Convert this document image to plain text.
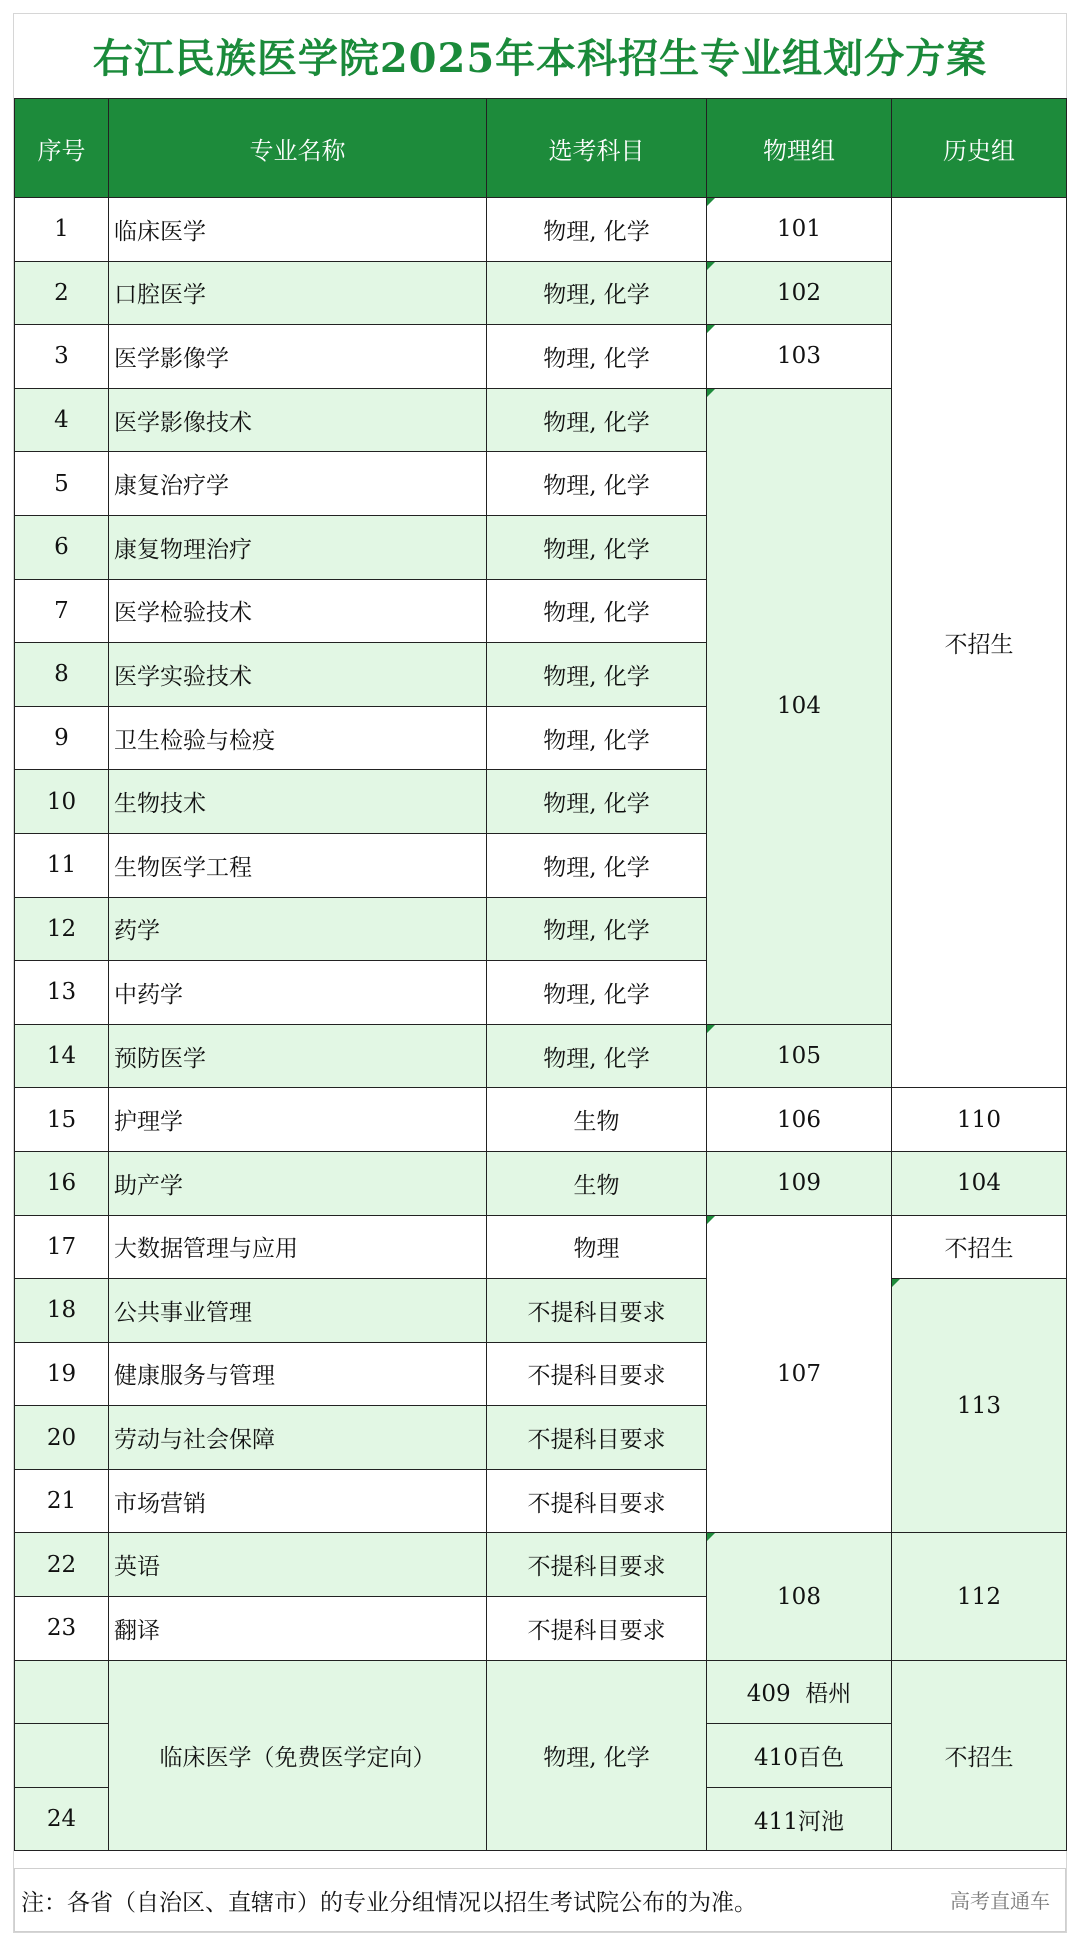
右江民族医学院2025年本科招生专业组划分方案
序号	专业名称	选考科目	物理组	历史组
1	临床医学	物理, 化学	101	不招生
2	口腔医学	物理, 化学	102	
3	医学影像学	物理, 化学	103	
4	医学影像技术	物理, 化学	104	
5	康复治疗学	物理, 化学		
6	康复物理治疗	物理, 化学		
7	医学检验技术	物理, 化学		
8	医学实验技术	物理, 化学		
9	卫生检验与检疫	物理, 化学		
10	生物技术	物理, 化学		
11	生物医学工程	物理, 化学		
12	药学	物理, 化学		
13	中药学	物理, 化学		
14	预防医学	物理, 化学	105	
15	护理学	生物	106	110
16	助产学	生物	109	104
17	大数据管理与应用	物理	107	不招生
18	公共事业管理	不提科目要求		113
19	健康服务与管理	不提科目要求		
20	劳动与社会保障	不提科目要求		
21	市场营销	不提科目要求		
22	英语	不提科目要求	108	112
23	翻译	不提科目要求		
	临床医学（免费医学定向）	物理, 化学	409  梧州	不招生
			410百色	
24			411河池	
注：各省（自治区、直辖市）的专业分组情况以招生考试院公布的为准。	高考直通车
